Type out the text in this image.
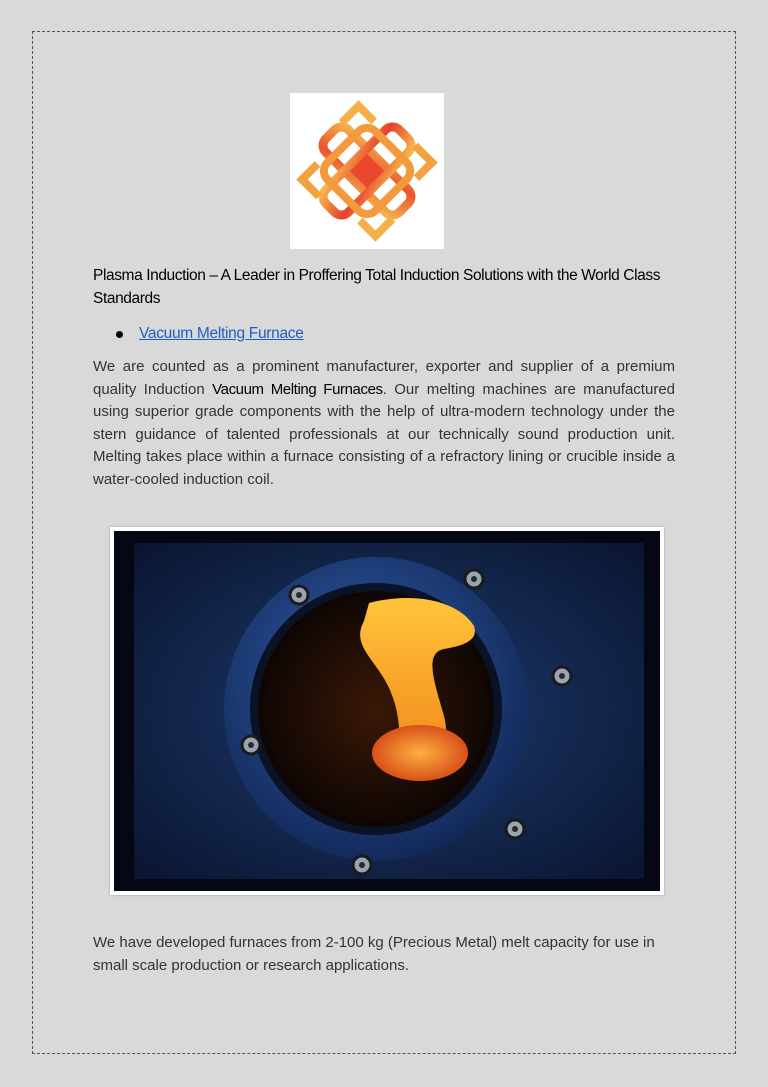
Plasma Induction – A Leader in Proffering Total Induction Solutions with the World Class Standards
Vacuum Melting Furnace
We are counted as a prominent manufacturer, exporter and supplier of a premium quality Induction Vacuum Melting Furnaces. Our melting machines are manufactured using superior grade components with the help of ultra-modern technology under the stern guidance of talented professionals at our technically sound production unit. Melting takes place within a furnace consisting of a refractory lining or crucible inside a water-cooled induction coil.
We have developed furnaces from 2-100 kg (Precious Metal) melt capacity for use in small scale production or research applications.
